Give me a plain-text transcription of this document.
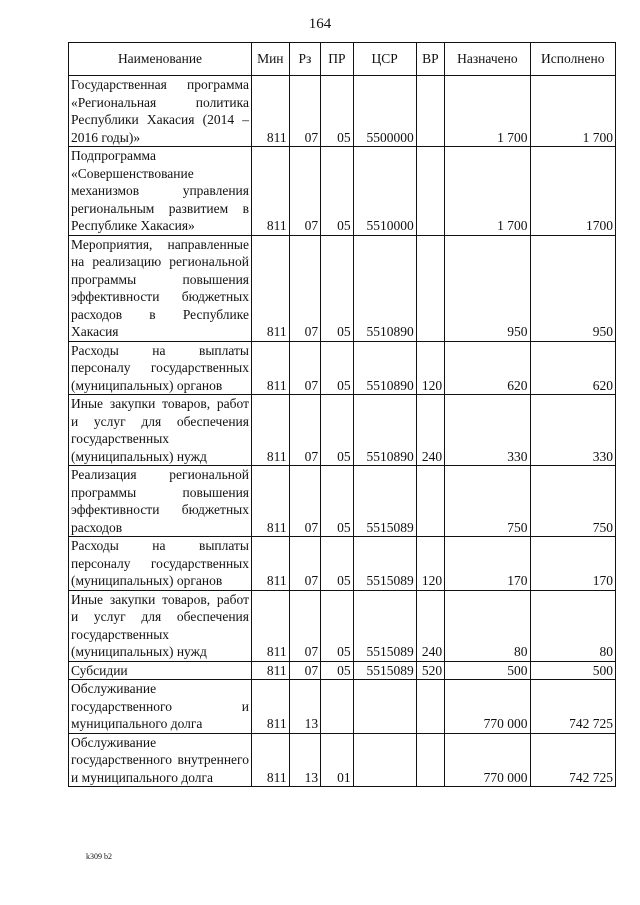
164
Наименование	Мин	Рз	ПР	ЦСР	ВР	Назначено	Исполнено
Государственная программа «Региональная политика Республики Хакасия (2014 – 2016 годы)»	811	07	05	5500000		1 700	1 700
Подпрограмма «Совершенствование механизмов управления региональным развитием в Республике Хакасия»	811	07	05	5510000		1 700	1700
Мероприятия, направленные на реализацию региональной программы повышения эффективности бюджетных расходов в Республике Хакасия	811	07	05	5510890		950	950
Расходы на выплаты персоналу государственных (муниципальных) органов	811	07	05	5510890	120	620	620
Иные закупки товаров, работ и услуг для обеспечения государственных (муниципальных) нужд	811	07	05	5510890	240	330	330
Реализация региональной программы повышения эффективности бюджетных расходов	811	07	05	5515089		750	750
Расходы на выплаты персоналу государственных (муниципальных) органов	811	07	05	5515089	120	170	170
Иные закупки товаров, работ и услуг для обеспечения государственных (муниципальных) нужд	811	07	05	5515089	240	80	80
Субсидии	811	07	05	5515089	520	500	500
Обслуживание государственного и муниципального долга	811	13				770 000	742 725
Обслуживание государственного внутреннего и муниципального долга	811	13	01			770 000	742 725
k309 b2
